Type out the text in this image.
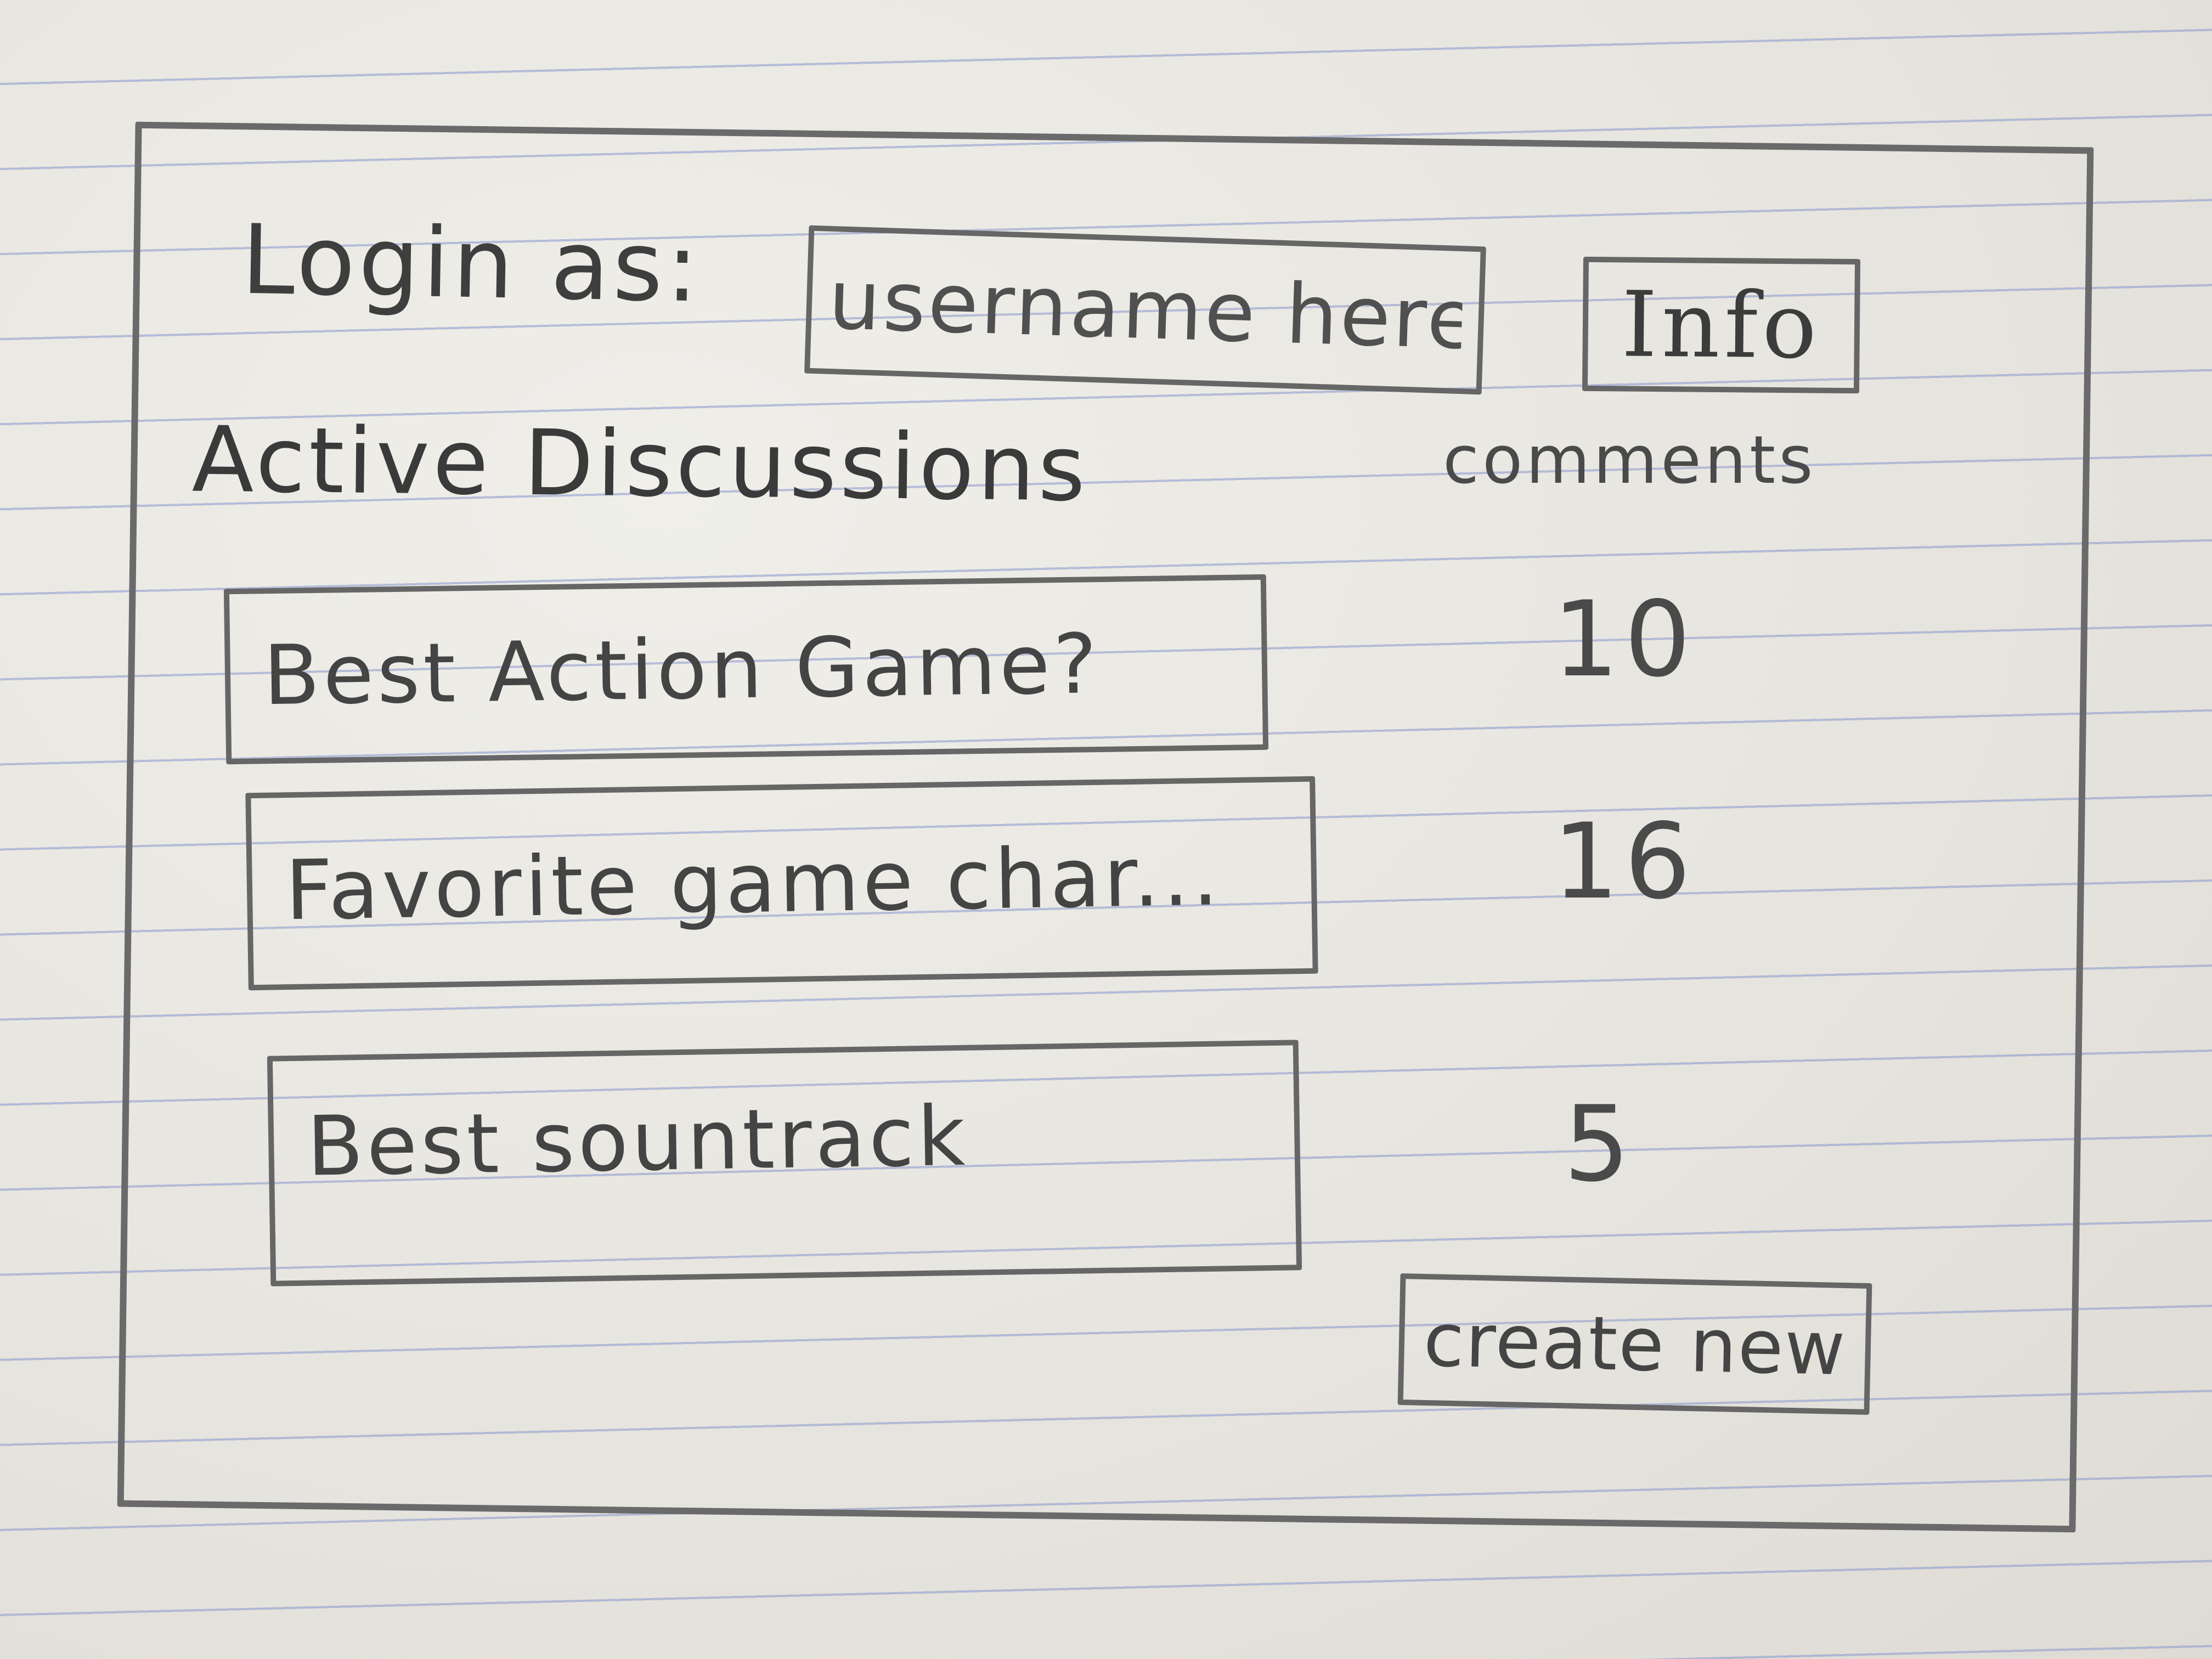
Login as:
username here
Info
Active Discussions	comments
Best Action Game?	10
Favorite game char...	16
Best sountrack	5
create new
